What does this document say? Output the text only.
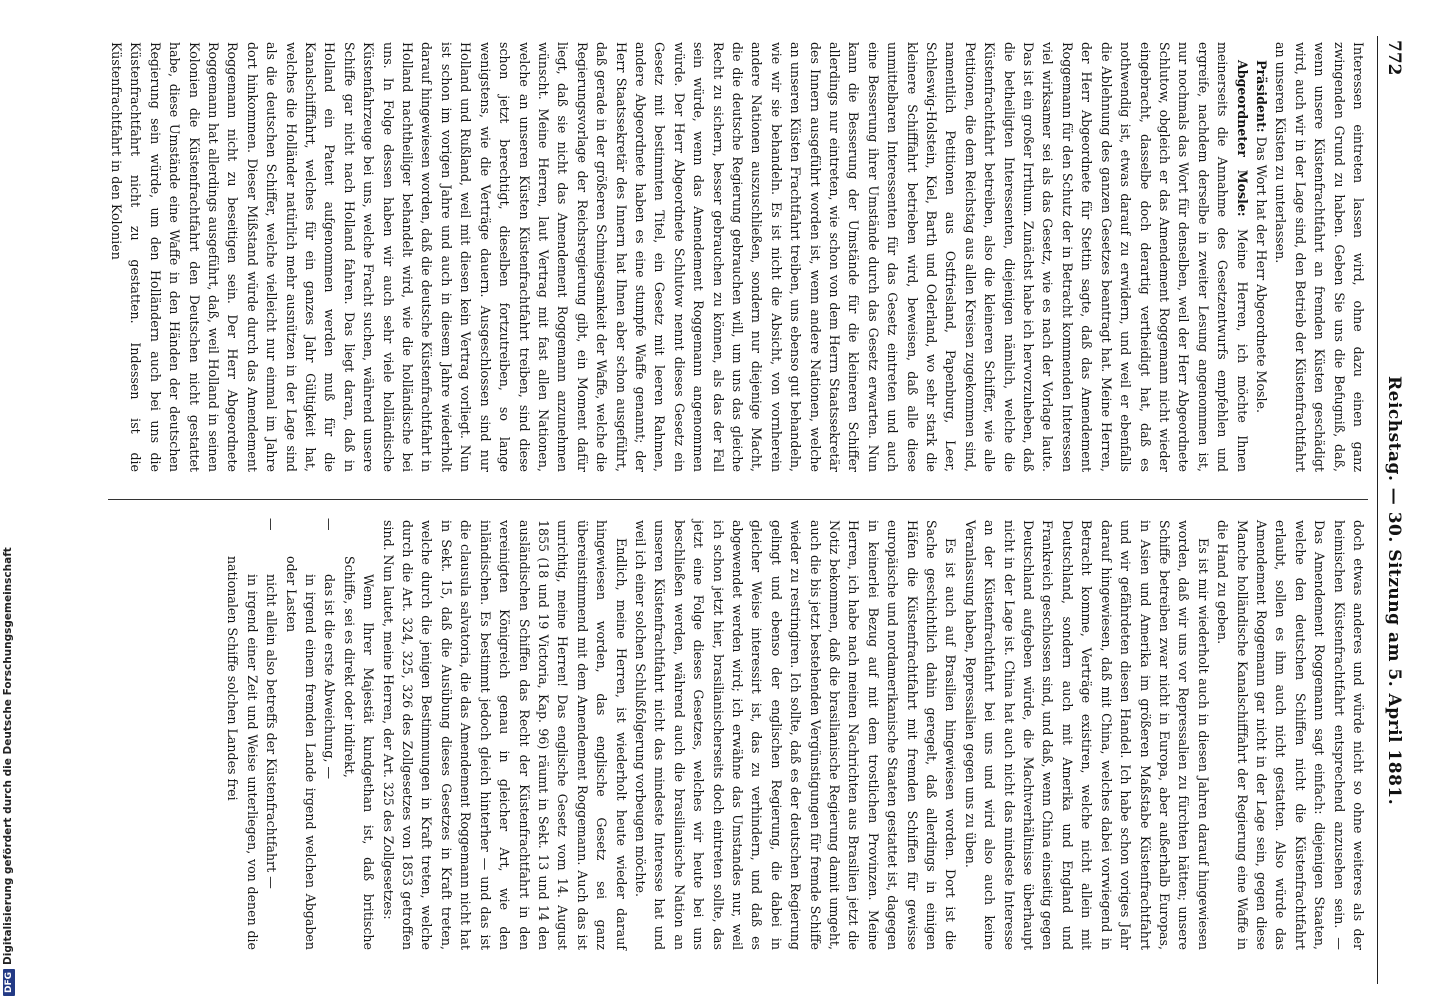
DFGDigitalisierung gefördert durch die Deutsche Forschungsgemeinschaft
772
Reichstag. — 30. Sitzung am 5. April 1881.

Interessen eintreten lassen wird, ohne dazu einen ganz zwingenden Grund zu haben. Geben Sie uns die Befugniß, daß, wenn unsere Küstenfrachtfahrt an fremden Küsten geschädigt wird, auch wir in der Lage sind, den Betrieb der Küstenfrachtfahrt an unseren Küsten zu unterlassen.

Präsident: Das Wort hat der Herr Abgeordnete Mosle.

Abgeordneter Mosle: Meine Herren, ich möchte Ihnen meinerseits die Annahme des Gesetzentwurfs empfehlen und ergreife, nachdem derselbe in zweiter Lesung angenommen ist, nur nochmals das Wort für denselben, weil der Herr Abgeordnete Schlutow, obgleich er das Amendement Roggemann nicht wieder eingebracht, dasselbe doch derartig vertheidigt hat, daß es nothwendig ist, etwas darauf zu erwidern, und weil er ebenfalls die Ablehnung des ganzen Gesetzes beantragt hat. Meine Herren, der Herr Abgeordnete für Stettin sagte, daß das Amendement Roggemann für den Schutz der in Betracht kommenden Interessen viel wirksamer sei als das Gesetz, wie es nach der Vorlage laute. Das ist ein großer Irrthum. Zunächst habe ich hervorzuheben, daß die betheiligten Interessenten, diejenigen nämlich, welche die Küstenfrachtfahrt betreiben, also die kleineren Schiffer, wie alle Petitionen, die dem Reichstag aus allen Kreisen zugekommen sind, namentlich Petitionen aus Ostfriesland, Papenburg, Leer, Schleswig-Holstein, Kiel, Barth und Oderland, wo sehr stark die kleinere Schifffahrt betrieben wird, beweisen, daß alle diese unmittelbaren Interessenten für das Gesetz eintreten und auch eine Besserung ihrer Umstände durch das Gesetz erwarten. Nun kann die Besserung der Umstände für die kleineren Schiffer allerdings nur eintreten, wie schon von dem Herrn Staatssekretär des Innern ausgeführt worden ist, wenn andere Nationen, welche an unseren Küsten Frachtfahrt treiben, uns ebenso gut behandeln, wie wir sie behandeln. Es ist nicht die Absicht, von vornherein andere Nationen auszuschließen, sondern nur diejenige Macht, die die deutsche Regierung gebrauchen will, um uns das gleiche Recht zu sichern, besser gebrauchen zu können, als das der Fall sein würde, wenn das Amendement Roggemann angenommen würde. Der Herr Abgeordnete Schlutow nennt dieses Gesetz ein Gesetz mit bestimmten Titel, ein Gesetz mit leeren Rahmen, andere Abgeordnete haben es eine stumpfe Waffe genannt; der Herr Staatssekretär des Innern hat Ihnen aber schon ausgeführt, daß gerade in der größeren Schmiegsamkeit der Waffe, welche die Regierungsvorlage der Reichsregierung gibt, ein Moment dafür liegt, daß sie nicht das Amendement Roggemann anzunehmen wünscht. Meine Herren, laut Vertrag mit fast allen Nationen, welche an unseren Küsten Küstenfrachtfahrt treiben, sind diese schon jetzt berechtigt, dieselben fortzutreiben, so lange wenigstens, wie die Verträge dauern. Ausgeschlossen sind nur Holland und Rußland, weil mit diesen kein Vertrag vorliegt. Nun ist schon im vorigen Jahre und auch in diesem Jahre wiederholt darauf hingewiesen worden, daß die deutsche Küstenfrachtfahrt in Holland nachtheiliger behandelt wird, wie die holländische bei uns. In Folge dessen haben wir auch sehr viele holländische Küstenfahrzeuge bei uns, welche Fracht suchen, während unsere Schiffe gar nicht nach Holland fahren. Das liegt daran, daß in Holland ein Patent aufgenommen werden muß für die Kanalschifffahrt, welches für ein ganzes Jahr Gültigkeit hat, welches die Holländer natürlich mehr ausnützen in der Lage sind als die deutschen Schiffer, welche vielleicht nur einmal im Jahre dort hinkommen. Dieser Mißstand würde durch das Amendement Roggemann nicht zu beseitigen sein. Der Herr Abgeordnete Roggemann hat allerdings ausgeführt, daß, weil Holland in seinen Kolonien die Küstenfrachtfahrt den Deutschen nicht gestattet habe, diese Umstände eine Waffe in den Händen der deutschen Regierung sein würde, um den Holländern auch bei uns die Küstenfrachtfahrt nicht zu gestatten. Indessen ist die Küstenfrachtfahrt in den Kolonien

doch etwas anderes und würde nicht so ohne weiteres als der heimischen Küstenfrachtfahrt entsprechend anzusehen sein. — Das Amendement Roggemann sagt einfach: diejenigen Staaten, welche den deutschen Schiffen nicht die Küstenfrachtfahrt erlaubt, sollen es ihm auch nicht gestatten. Also würde das Amendement Roggemann gar nicht in der Lage sein, gegen diese Manche holländische Kanalschifffahrt der Regierung eine Waffe in die Hand zu geben.

Es ist mir wiederholt auch in diesen Jahren darauf hingewiesen worden, daß wir uns vor Repressalien zu fürchten hätten; unsere Schiffe betreiben zwar nicht in Europa, aber außerhalb Europas, in Asien und Amerika im größeren Maßstabe Küstenfrachtfahrt und wir gefährdeten diesen Handel. Ich habe schon voriges Jahr darauf hingewiesen, daß mit China, welches dabei vorwiegend in Betracht komme, Verträge existiren, welche nicht allein mit Deutschland, sondern auch mit Amerika und England und Frankreich geschlossen sind, und daß, wenn China einseitig gegen Deutschland aufgeben würde, die Machtverhältnisse überhaupt nicht in der Lage ist. China hat auch nicht das mindeste Interesse an der Küstenfrachtfahrt bei uns und wird also auch keine Veranlassung haben, Repressalien gegen uns zu üben.

Es ist auch auf Brasilien hingewiesen worden. Dort ist die Sache geschichtlich dahin geregelt, daß allerdings in einigen Häfen die Küstenfrachtfahrt mit fremden Schiffen für gewisse europäische und nordamerikanische Staaten gestattet ist, dagegen in keinerlei Bezug auf mit dem trostlichen Provinzen. Meine Herren, ich habe nach meinen Nachrichten aus Brasilien jetzt die Notiz bekommen, daß die brasilianische Regierung damit umgeht, auch die bis jetzt bestehenden Vergünstigungen für fremde Schiffe wieder zu restringiren. Ich sollte, daß es der deutschen Regierung gelingt und ebenso der englischen Regierung, die dabei in gleicher Weise interessirt ist, das zu verhindern, und daß es abgewendet werden wird; ich erwähne das Umstandes nur, weil ich schon jetzt hier, brasilianischerseits doch eintreten sollte, das jetzt eine Folge dieses Gesetzes, welches wir heute bei uns beschließen werden, während auch die brasilianische Nation an unseren Küstenfrachtfahrt nicht das mindeste Interesse hat und weil ich einer solchen Schlußfolgerung vorbeugen möchte.

Endlich, meine Herren, ist wiederholt heute wieder darauf hingewiesen worden, das englische Gesetz sei ganz übereinstimmend mit dem Amendement Roggemann. Auch das ist unrichtig, meine Herren! Das englische Gesetz vom 14. August 1855 (18 und 19 Victoria, Kap. 96) räumt in Sekt. 13 und 14 den ausländischen Schiffen das Recht der Küstenfrachtfahrt in den vereinigten Königreich genau in gleicher Art, wie den inländischen. Es bestimmt jedoch gleich hinterher — und das ist die clausula salvatoria, die das Amendement Roggemann nicht hat in Sekt. 15, daß die Ausübung dieses Gesetzes in Kraft treten, welche durch die jenigen Bestimmungen in Kraft treten, welche durch die Art. 324, 325, 326 des Zollgesetzes von 1853 getroffen sind. Nun lautet, meine Herren, der Art. 325 des Zollgesetzes:

Wenn Ihrer Majestät kundgethan ist, daß britische Schiffe, sei es direkt oder indirekt,

—
das ist die erste Abweichung, —

in irgend einem fremden Lande irgend welchen Abgaben oder Lasten

—
nicht allein also betreffs der Küstenfrachtfahrt —

in irgend einer Zeit und Weise unterliegen, von denen die nationalen Schiffe solchen Landes frei
